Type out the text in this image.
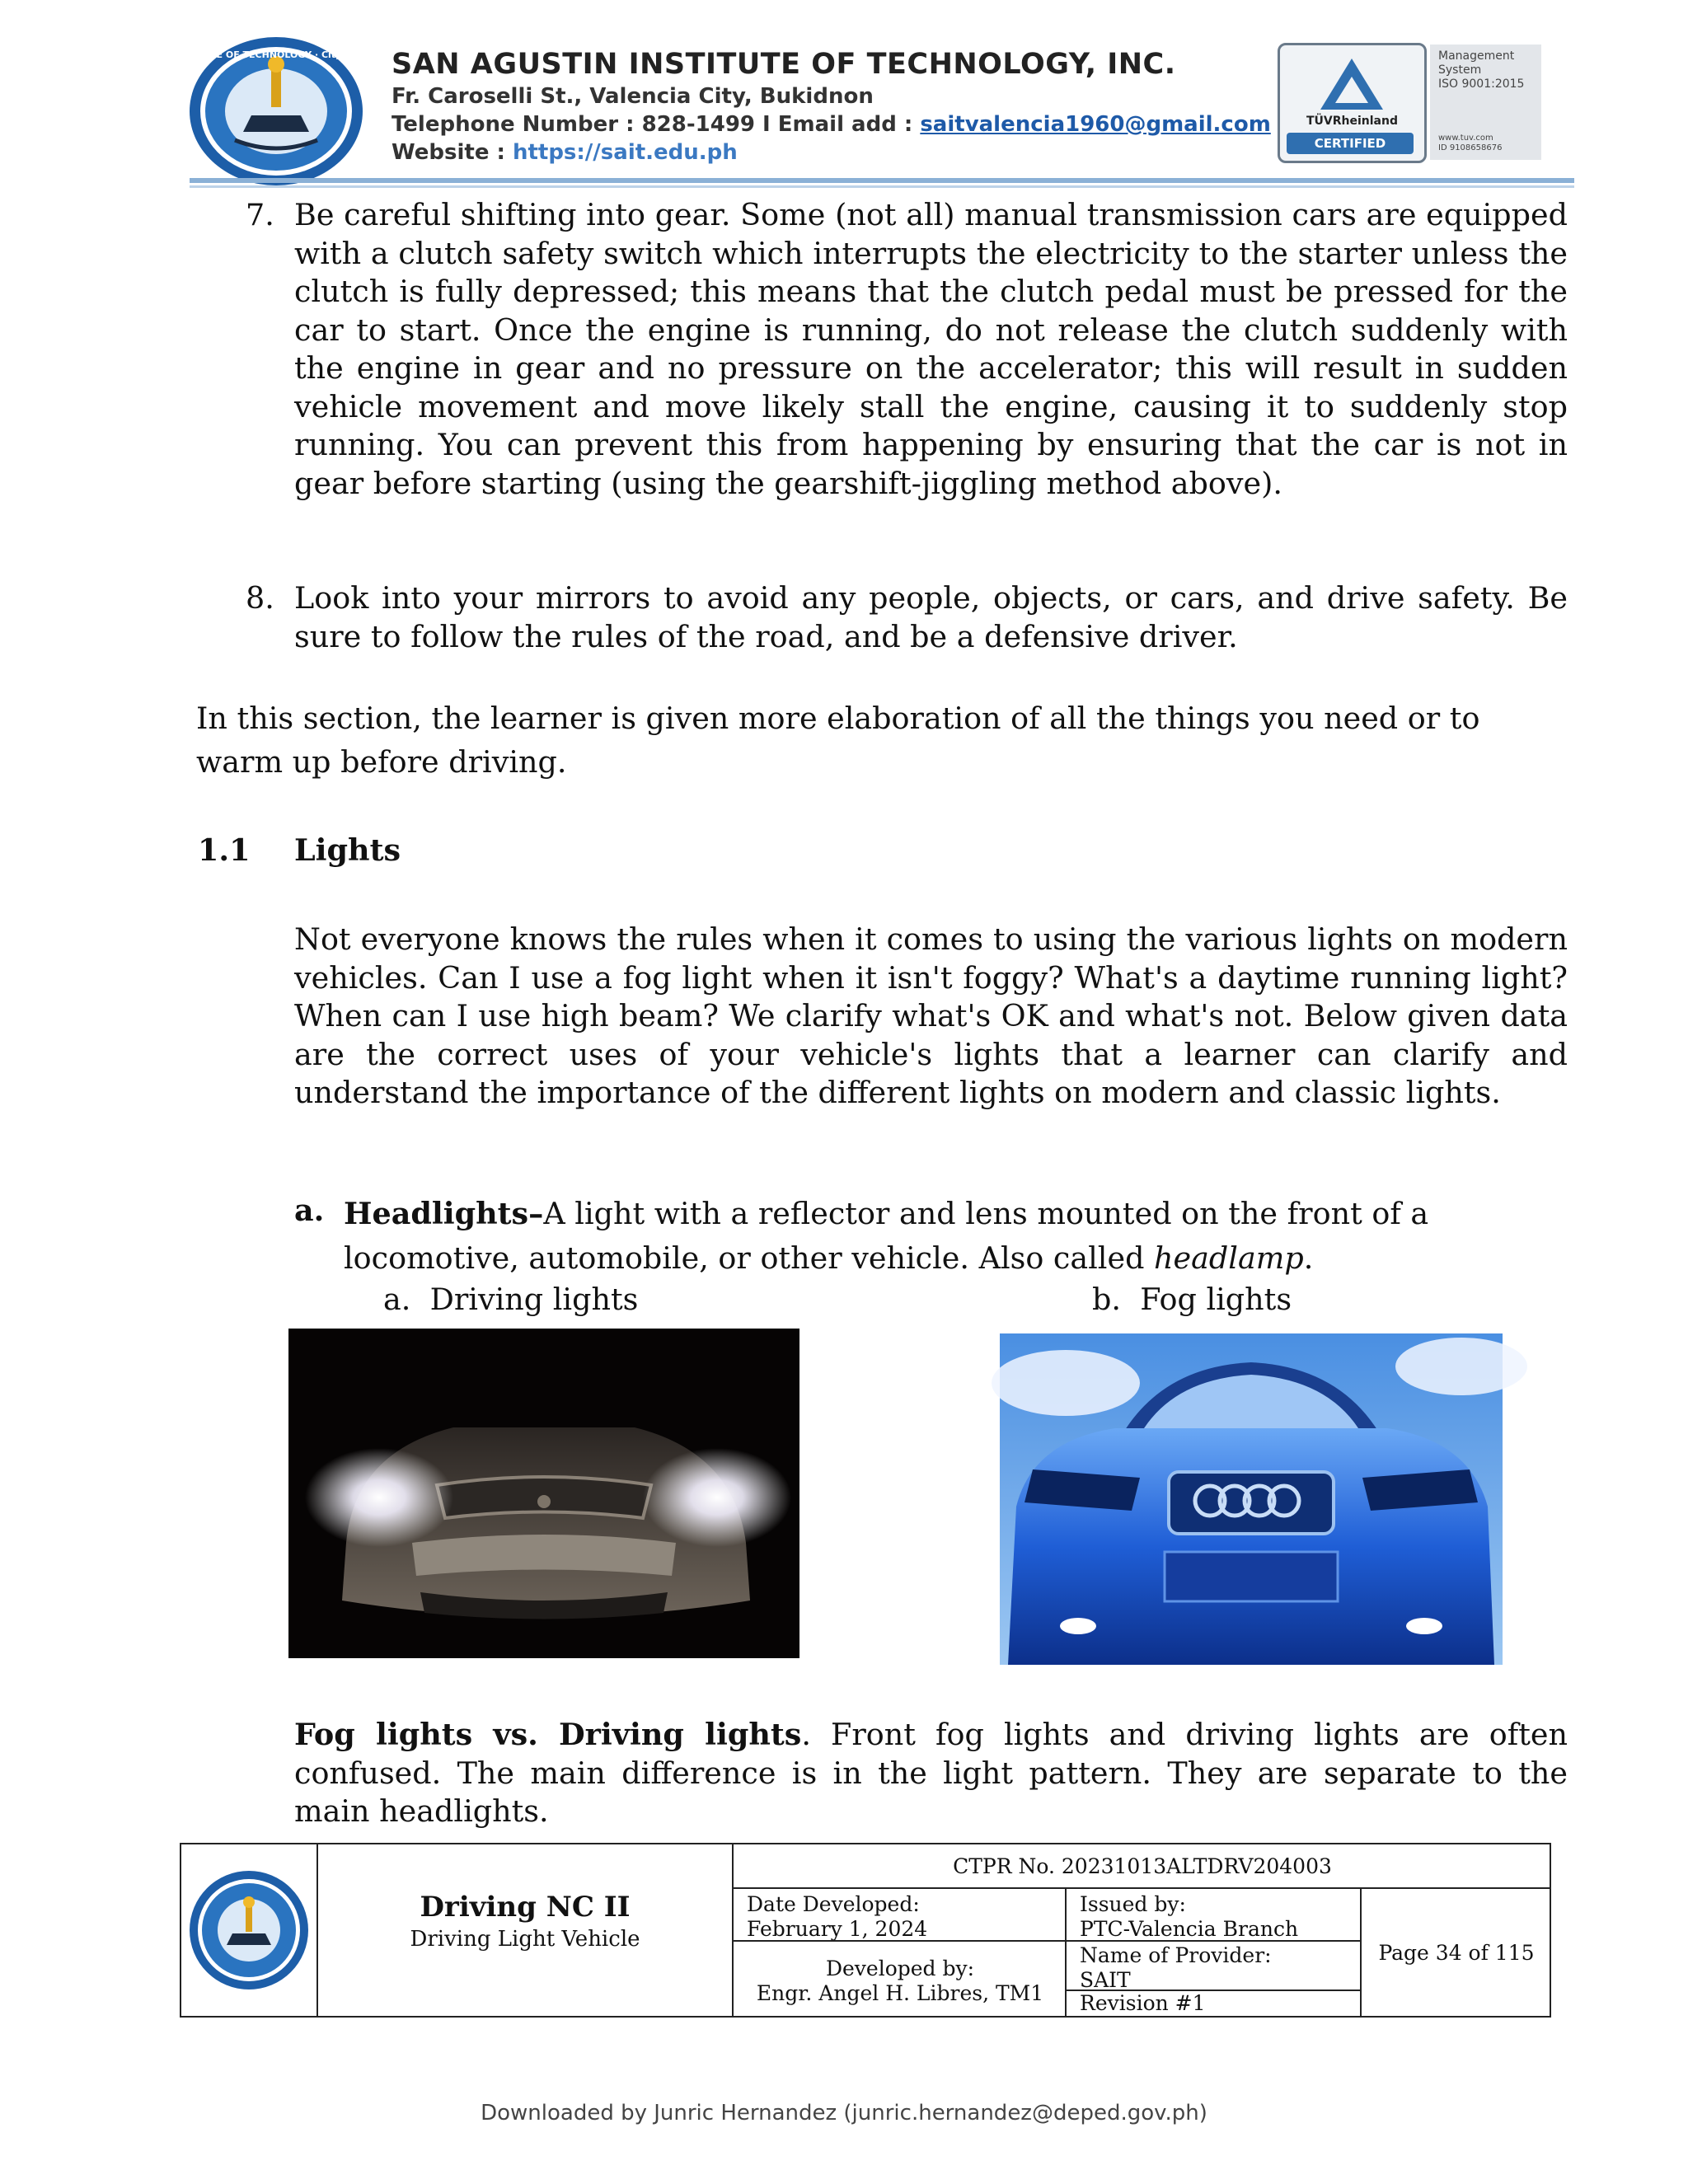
SAN AGUSTIN INSTITUTE OF TECHNOLOGY · City of Valencia, Bukidnon
SAN AGUSTIN INSTITUTE OF TECHNOLOGY, INC.
Fr. Caroselli St., Valencia City, Bukidnon
Telephone Number : 828-1499 I Email add : saitvalencia1960@gmail.com
Website : https://sait.edu.ph
TÜVRheinland
CERTIFIED
Management
System
ISO 9001:2015
www.tuv.com
ID 9108658676
7. Be careful shifting into gear. Some (not all) manual transmission cars are equipped with a clutch safety switch which interrupts the electricity to the starter unless the clutch is fully depressed; this means that the clutch pedal must be pressed for the car to start. Once the engine is running, do not release the clutch suddenly with the engine in gear and no pressure on the accelerator; this will result in sudden vehicle movement and move likely stall the engine, causing it to suddenly stop running. You can prevent this from happening by ensuring that the car is not in gear before starting (using the gearshift-jiggling method above).
8. Look into your mirrors to avoid any people, objects, or cars, and drive safety. Be sure to follow the rules of the road, and be a defensive driver.
In this section, the learner is given more elaboration of all the things you need or to warm up before driving.
1.1 Lights
Not everyone knows the rules when it comes to using the various lights on modern vehicles. Can I use a fog light when it isn't foggy? What's a daytime running light? When can I use high beam? We clarify what's OK and what's not. Below given data are the correct uses of your vehicle's lights that a learner can clarify and understand the importance of the different lights on modern and classic lights.
a. Headlights–A light with a reflector and lens mounted on the front of a
locomotive, automobile, or other vehicle. Also called headlamp.
a. Driving lights	b. Fog lights
Fog lights vs. Driving lights. Front fog lights and driving lights are often confused. The main difference is in the light pattern. They are separate to the main headlights.
Driving NC II
Driving Light Vehicle
CTPR No. 20231013ALTDRV204003
Date Developed:
February 1, 2024
Developed by:
Engr. Angel H. Libres, TM1
Issued by:
PTC-Valencia Branch
Name of Provider:
SAIT
Revision #1
Page 34 of 115
Downloaded by Junric Hernandez (junric.hernandez@deped.gov.ph)
